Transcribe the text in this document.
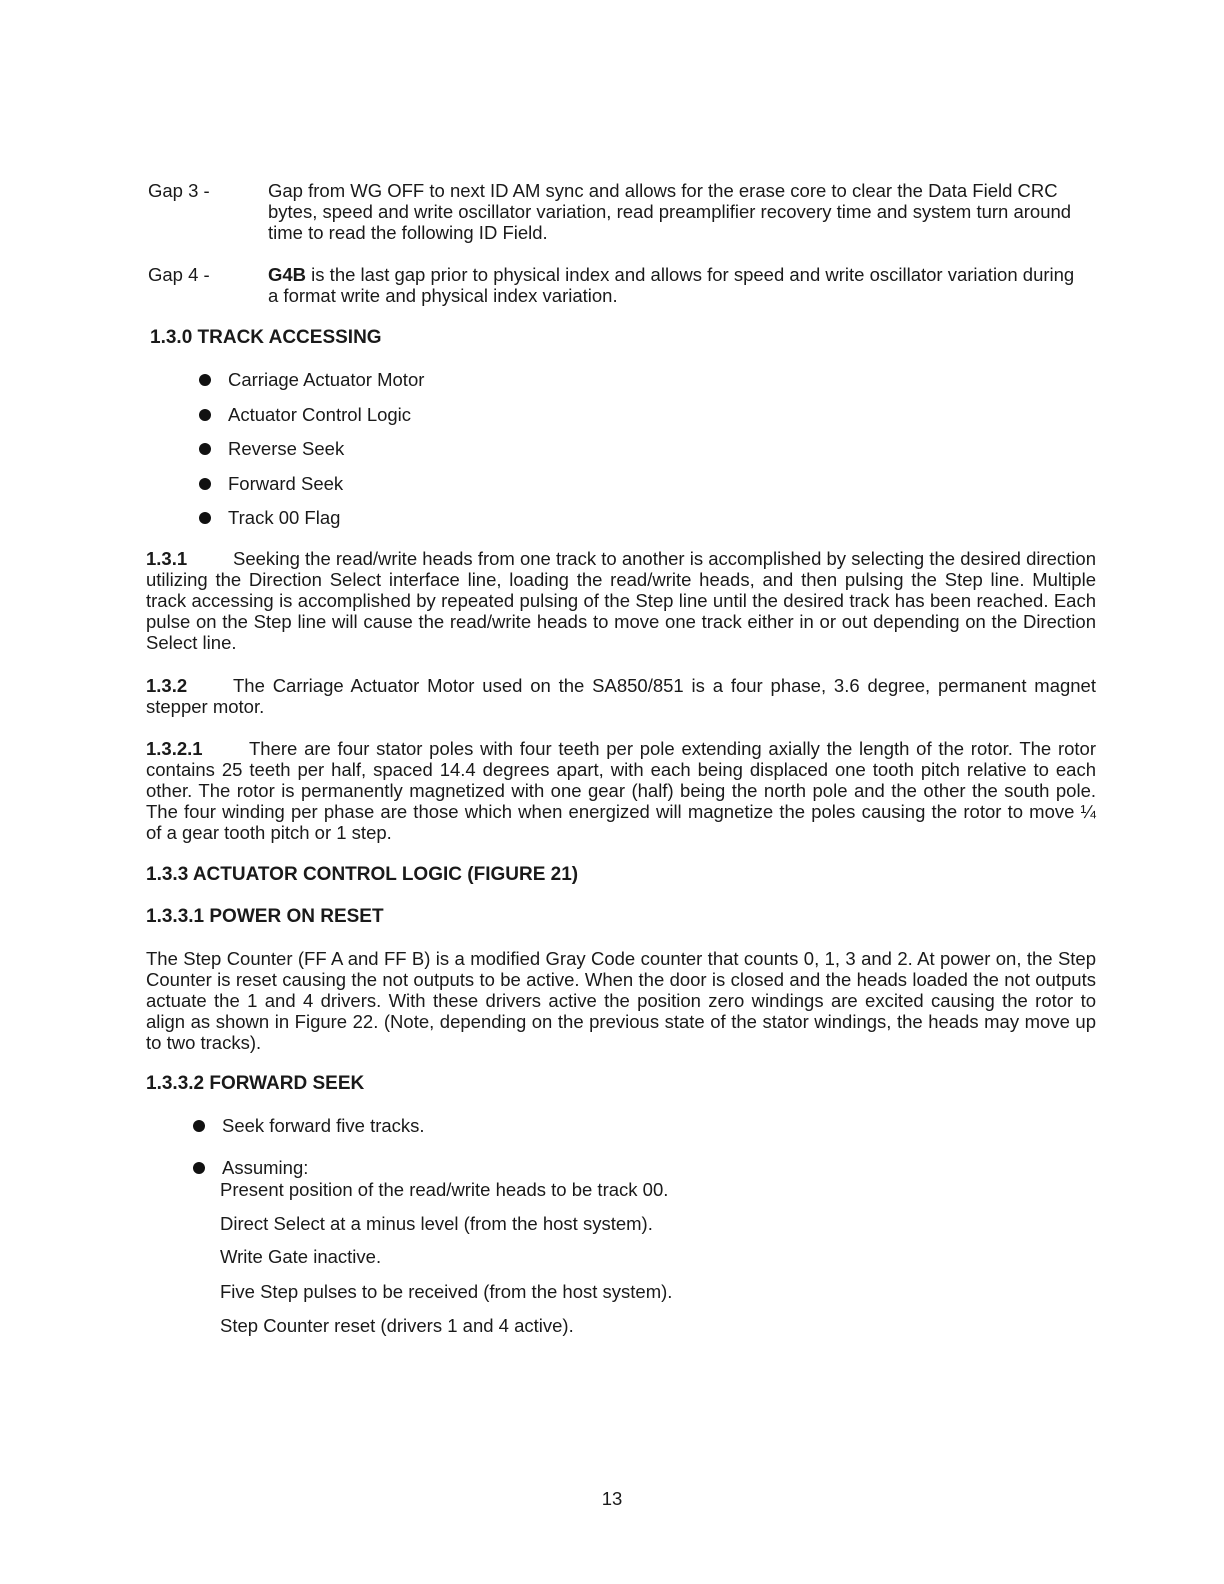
Gap 3 -	Gap from WG OFF to next ID AM sync and allows for the erase core to clear the Data Field CRC bytes, speed and write oscillator variation, read preamplifier recovery time and system turn around time to read the following ID Field.
Gap 4 -	G4B is the last gap prior to physical index and allows for speed and write oscillator variation during a format write and physical index variation.
1.3.0 TRACK ACCESSING
Carriage Actuator Motor
Actuator Control Logic
Reverse Seek
Forward Seek
Track 00 Flag
1.3.1 Seeking the read/write heads from one track to another is accomplished by selecting the desired direction utilizing the Direction Select interface line, loading the read/write heads, and then pulsing the Step line. Multiple track accessing is accomplished by repeated pulsing of the Step line until the desired track has been reached. Each pulse on the Step line will cause the read/write heads to move one track either in or out depending on the Direction Select line.
1.3.2 The Carriage Actuator Motor used on the SA850/851 is a four phase, 3.6 degree, permanent magnet stepper motor.
1.3.2.1	There are four stator poles with four teeth per pole extending axially the length of the rotor. The rotor contains 25 teeth per half, spaced 14.4 degrees apart, with each being displaced one tooth pitch relative to each other. The rotor is permanently magnetized with one gear (half) being the north pole and the other the south pole. The four winding per phase are those which when energized will magnetize the poles causing the rotor to move ¼ of a gear tooth pitch or 1 step.
1.3.3 ACTUATOR CONTROL LOGIC (FIGURE 21)
1.3.3.1 POWER ON RESET
The Step Counter (FF A and FF B) is a modified Gray Code counter that counts 0, 1, 3 and 2. At power on, the Step Counter is reset causing the not outputs to be active. When the door is closed and the heads loaded the not outputs actuate the 1 and 4 drivers. With these drivers active the position zero windings are excited causing the rotor to align as shown in Figure 22. (Note, depending on the previous state of the stator windings, the heads may move up to two tracks).
1.3.3.2 FORWARD SEEK
Seek forward five tracks.
Assuming:
Present position of the read/write heads to be track 00.
Direct Select at a minus level (from the host system).
Write Gate inactive.
Five Step pulses to be received (from the host system).
Step Counter reset (drivers 1 and 4 active).
13
